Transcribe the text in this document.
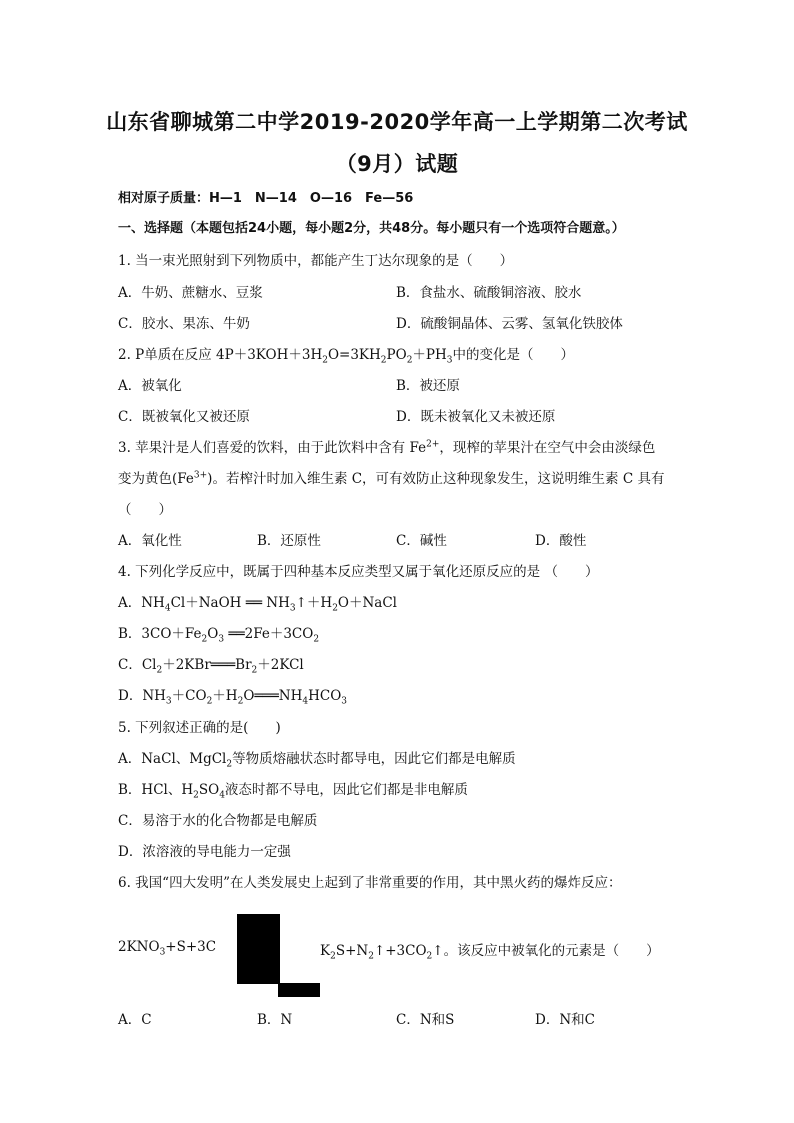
山东省聊城第二中学2019-2020学年高一上学期第二次考试
（9月）试题
相对原子质量：H—1　N—14　O—16　Fe—56
一、选择题（本题包括24小题，每小题2分，共48分。每小题只有一个选项符合题意。）
1. 当一束光照射到下列物质中，都能产生丁达尔现象的是（　　）
A．牛奶、蔗糖水、豆浆	B．食盐水、硫酸铜溶液、胶水
C．胶水、果冻、牛奶	D．硫酸铜晶体、云雾、氢氧化铁胶体
2. P单质在反应 $4P+3KOH+3H_2O=3KH_2PO_2+PH_3$中的变化是（　　）
A．被氧化	B．被还原
C．既被氧化又被还原	D．既未被氧化又未被还原
3. 苹果汁是人们喜爱的饮料，由于此饮料中含有 $Fe^{2+}$，现榨的苹果汁在空气中会由淡绿色
变为黄色$(Fe^{3+})$。若榨汁时加入维生素 C，可有效防止这种现象发生，这说明维生素 C 具有
（　　）
A．氧化性	B．还原性	C．碱性	D．酸性
4. 下列化学反应中，既属于四种基本反应类型又属于氧化还原反应的是 （　　）
A．$NH_4Cl+NaOH$ ══ $NH_3↑+H_2O+NaCl$
B．$3CO+Fe_2O_3$ $══2Fe+3CO_2$
C．$Cl_2+2KBr═══Br_2+2KCl$
D．$NH_3+CO_2+H_2O═══NH_4HCO_3$
5. 下列叙述正确的是(　　)
A．NaCl、MgCl$_2$等物质熔融状态时都导电，因此它们都是电解质
B．HCl、$H_2SO_4$液态时都不导电，因此它们都是非电解质
C．易溶于水的化合物都是电解质
D．浓溶液的导电能力一定强
6. 我国“四大发明”在人类发展史上起到了非常重要的作用，其中黑火药的爆炸反应：
$2KNO_3+S+3C$	$K_2S+N_2↑+3CO_2↑$。该反应中被氧化的元素是（　　）
A．C	B．N	C．N和S	D．N和C
